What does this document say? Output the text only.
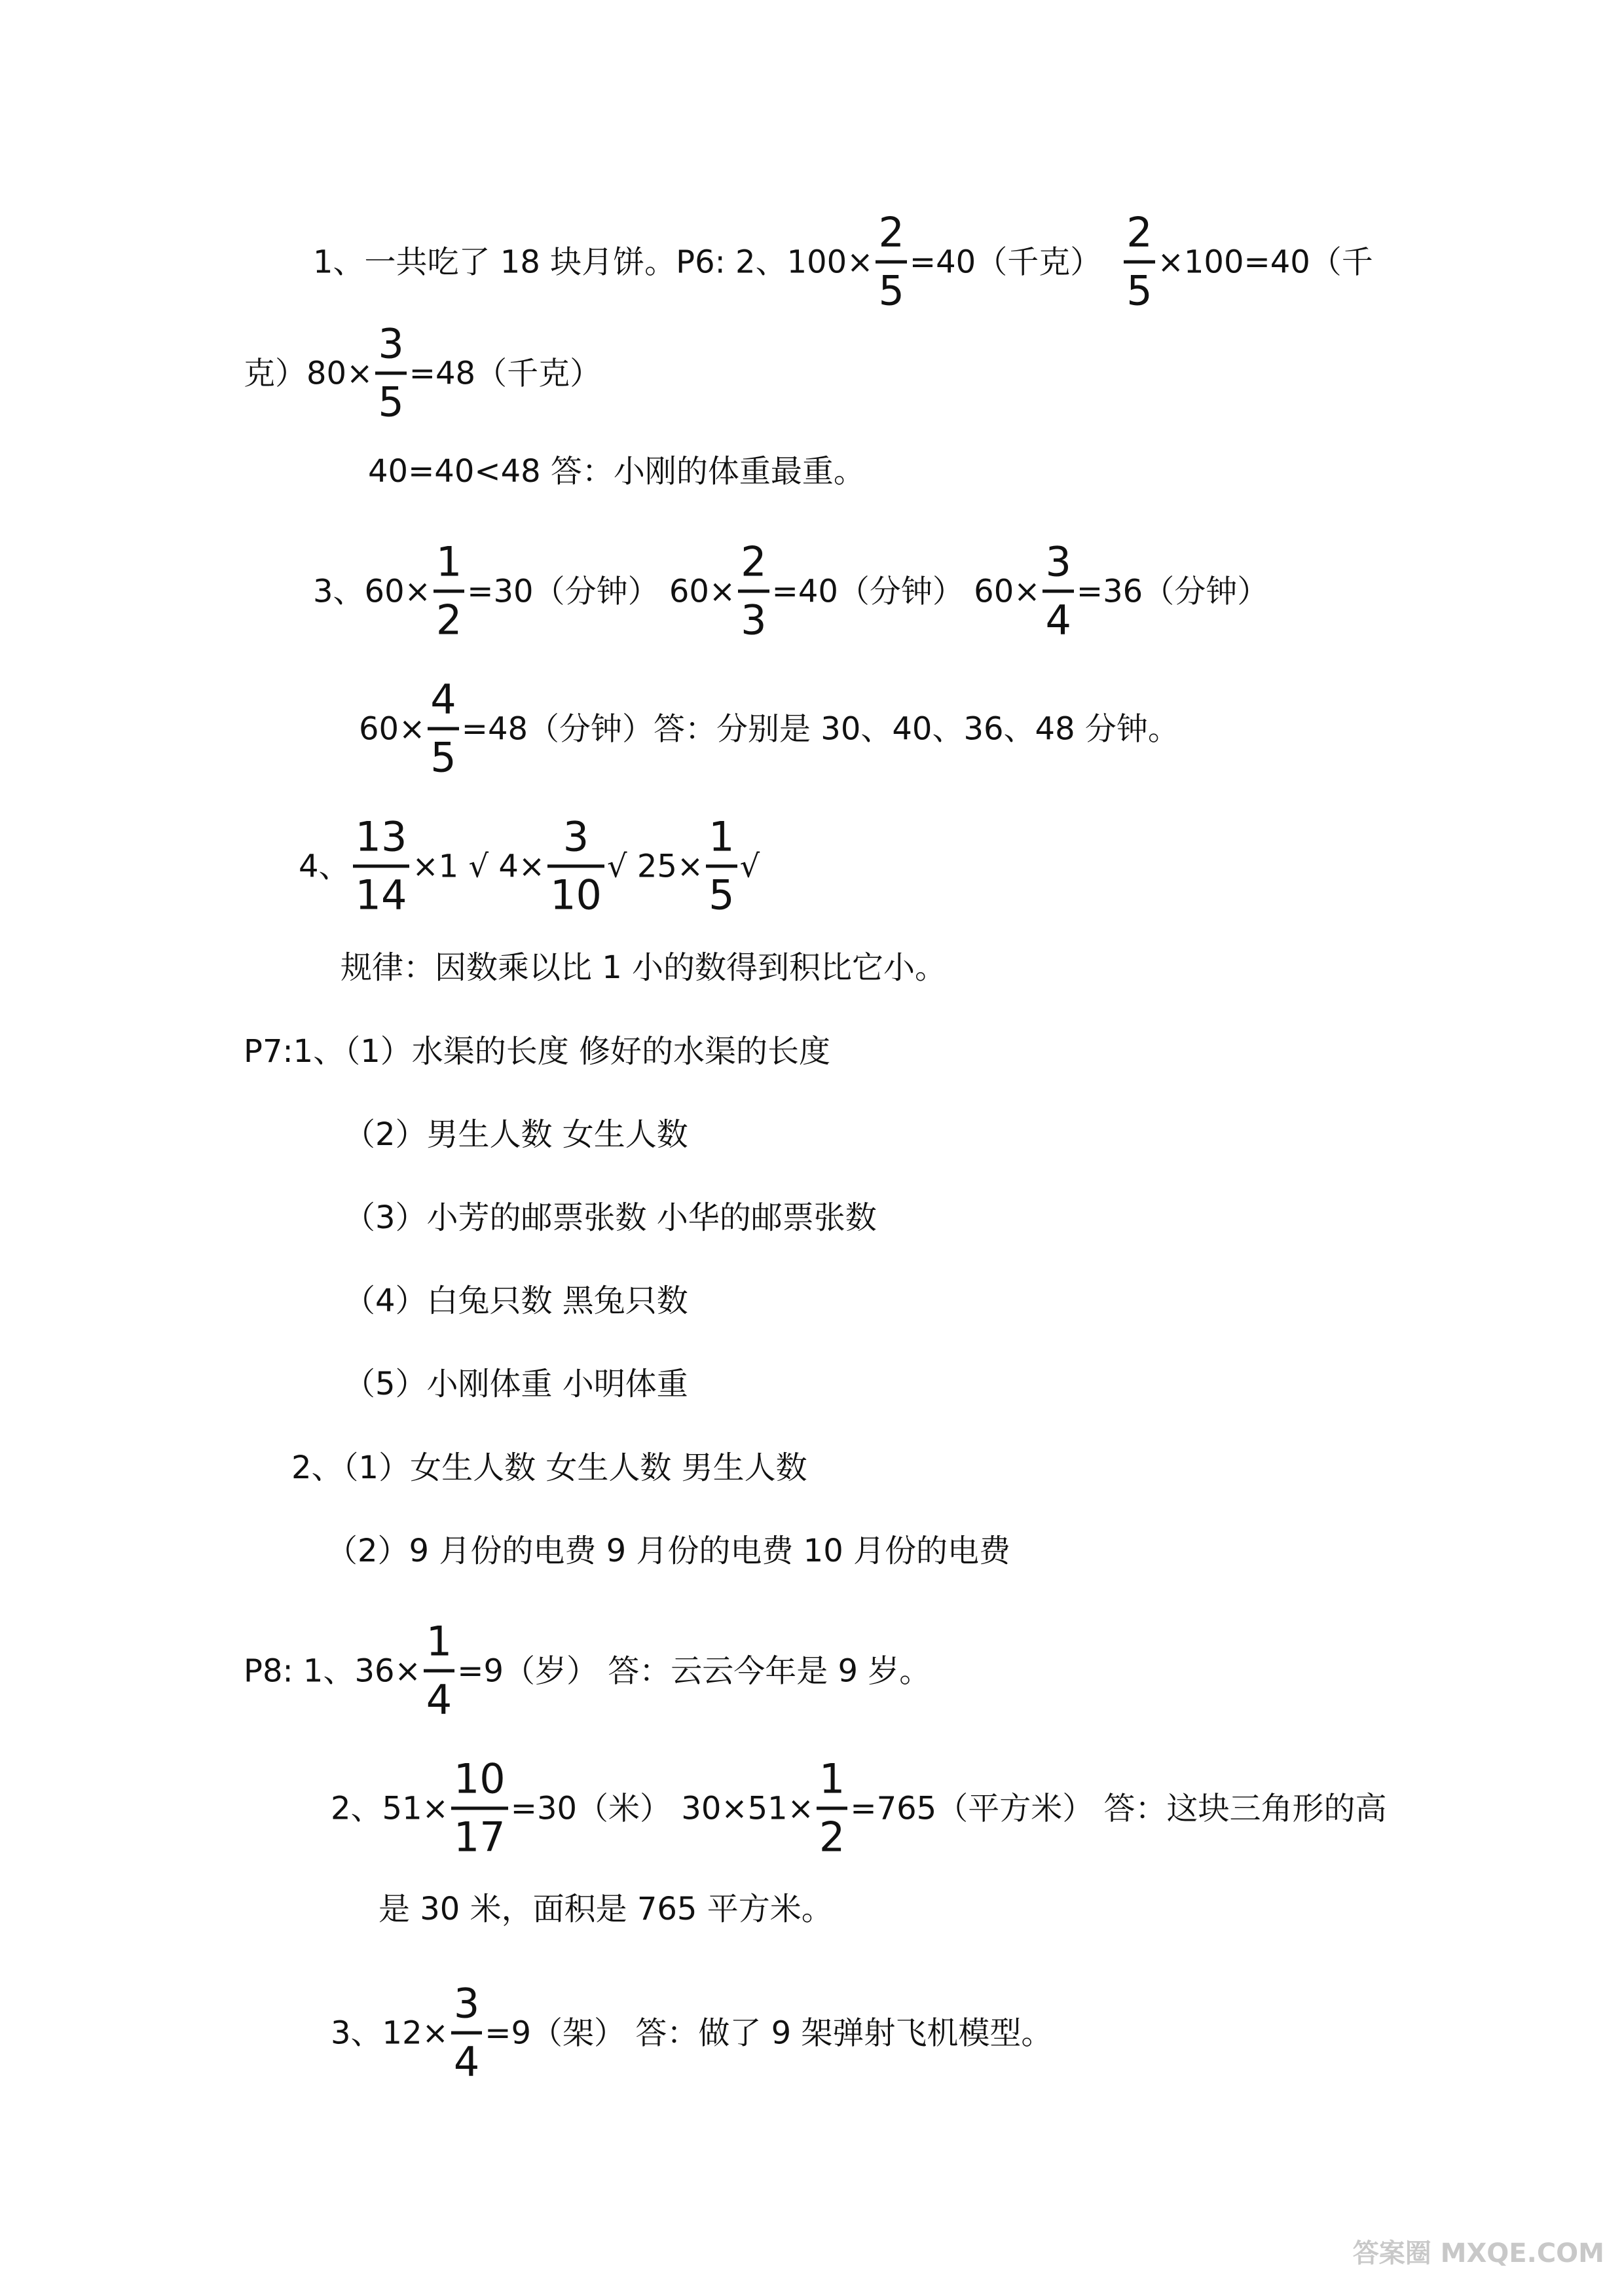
1、一共吃了 18 块月饼。P6: 2、100×
2
5
=40（千克）
2
5
×100=40（千
克）80×
3
5
=48（千克）
40=40<48 答：小刚的体重最重。
3、60×
1
2
=30（分钟） 60×
2
3
=40（分钟） 60×
3
4
=36（分钟）
60×
4
5
=48（分钟）答：分别是 30、40、36、48 分钟。
4、
13
14
×1 √ 4×
3
10
√ 25×
1
5
√
规律：因数乘以比 1 小的数得到积比它小。
P7:1、（1）水渠的长度 修好的水渠的长度
（2）男生人数 女生人数
（3）小芳的邮票张数 小华的邮票张数
（4）白兔只数 黑兔只数
（5）小刚体重 小明体重
2、（1）女生人数 女生人数 男生人数
（2）9 月份的电费 9 月份的电费 10 月份的电费
P8: 1、36×
1
4
=9（岁） 答：云云今年是 9 岁。
2、51×
10
17
=30（米） 30×51×
1
2
=765（平方米） 答：这块三角形的高
是 30 米，面积是 765 平方米。
3、12×
3
4
=9（架） 答：做了 9 架弹射飞机模型。
答案圈 MXQE.COM
